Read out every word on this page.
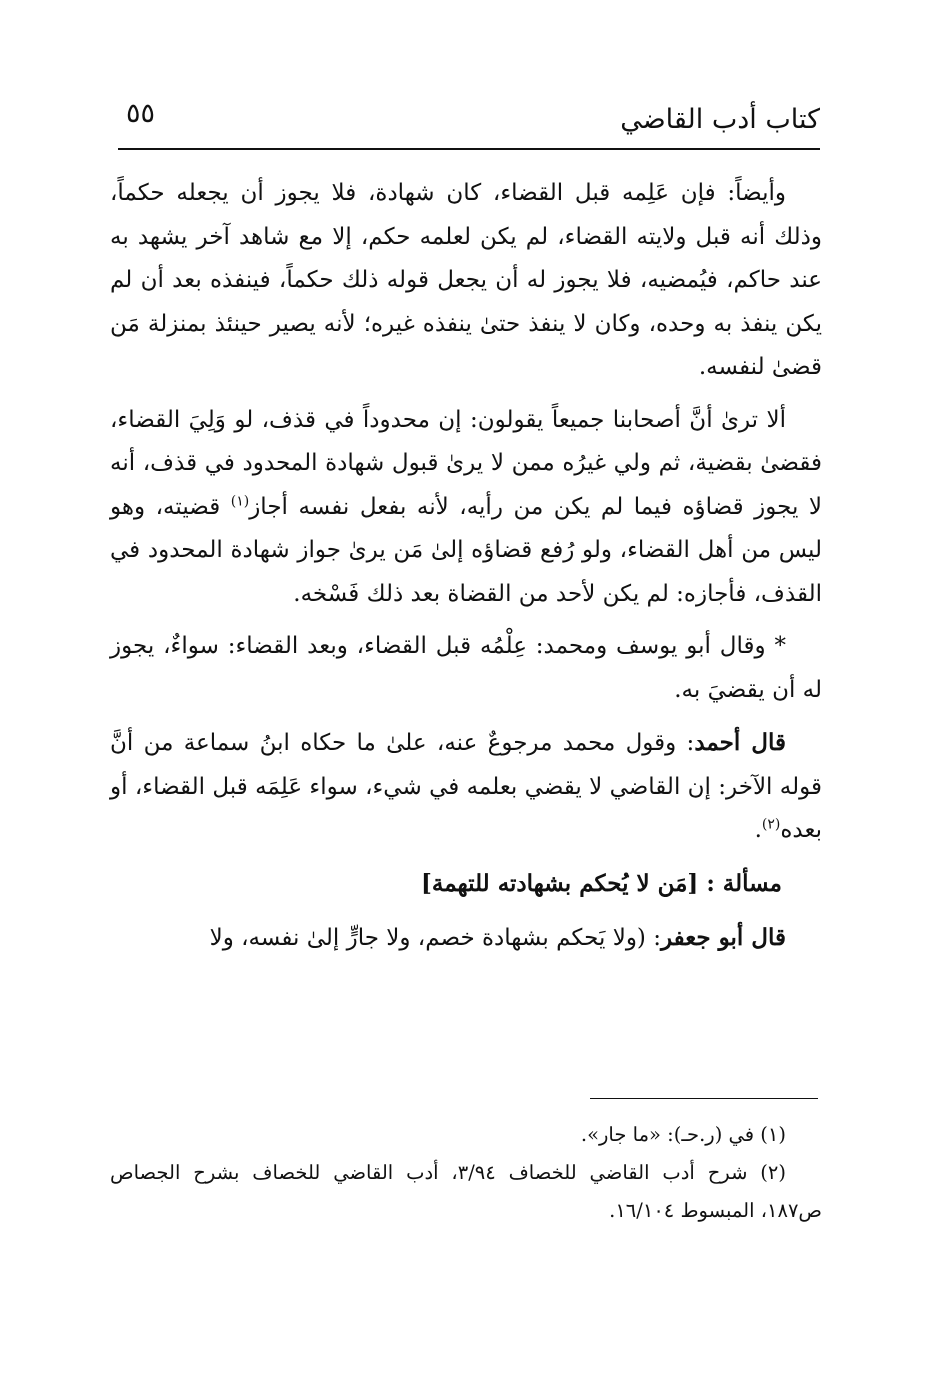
كتاب أدب القاضي
٥٥

وأيضاً: فإن عَلِمه قبل القضاء، كان شهادة، فلا يجوز أن يجعله حكماً، وذلك أنه قبل ولايته القضاء، لم يكن لعلمه حكم، إلا مع شاهد آخر يشهد به عند حاكم، فيُمضيه، فلا يجوز له أن يجعل قوله ذلك حكماً، فينفذه بعد أن لم يكن ينفذ به وحده، وكان لا ينفذ حتىٰ ينفذه غيره؛ لأنه يصير حينئذ بمنزلة مَن قضىٰ لنفسه.

ألا ترىٰ أنَّ أصحابنا جميعاً يقولون: إن محدوداً في قذف، لو وَلِيَ القضاء، فقضىٰ بقضية، ثم ولي غيرُه ممن لا يرىٰ قبول شهادة المحدود في قذف، أنه لا يجوز قضاؤه فيما لم يكن من رأيه، لأنه بفعل نفسه أجاز$^{(١)}$ قضيته، وهو ليس من أهل القضاء، ولو رُفع قضاؤه إلىٰ مَن يرىٰ جواز شهادة المحدود في القذف، فأجازه: لم يكن لأحد من القضاة بعد ذلك فَسْخه.

* وقال أبو يوسف ومحمد: عِلْمُه قبل القضاء، وبعد القضاء: سواءٌ، يجوز له أن يقضيَ به.

قال أحمد: وقول محمد مرجوعٌ عنه، علىٰ ما حكاه ابنُ سماعة من أنَّ قوله الآخر: إن القاضي لا يقضي بعلمه في شيء، سواء عَلِمَه قبل القضاء، أو بعده$^{(٢)}$.

مسألة : [مَن لا يُحكم بشهادته للتهمة]

قال أبو جعفر: (ولا يَحكم بشهادة خصم، ولا جارٍّ إلىٰ نفسه، ولا

(١) في (ر.حـ): «ما جار».

(٢) شرح أدب القاضي للخصاف ٣/٩٤، أدب القاضي للخصاف بشرح الجصاص ص١٨٧، المبسوط ١٦/١٠٤.
